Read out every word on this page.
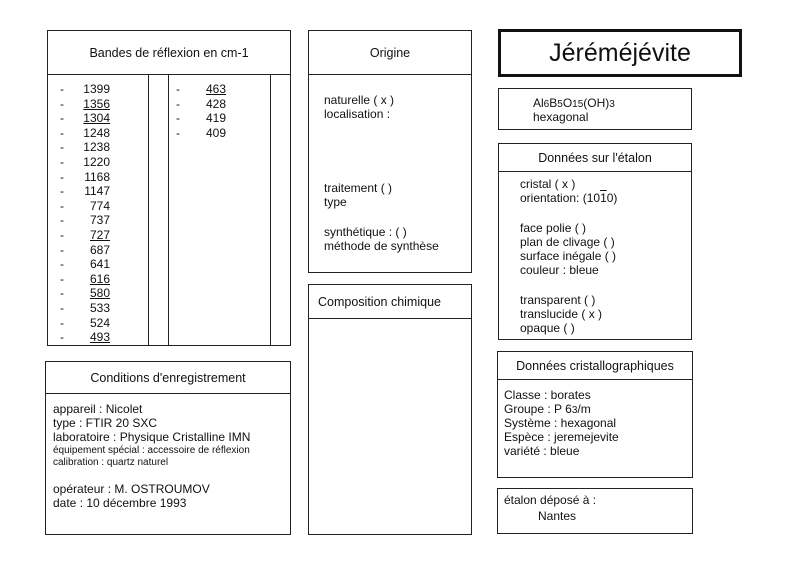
Bandes de réflexion en cm-1
- 1399
- 1356
- 1304
- 1248
- 1238
- 1220
- 1168
- 1147
- 774
- 737
- 727
- 687
- 641
- 616
- 580
- 533
- 524
- 493
- 463
- 428
- 419
- 409
Origine
naturelle ( x )
localisation :
traitement ( )
type
synthétique : ( )
méthode de synthèse
Composition chimique
Jéréméjévite
Al6B5O15(OH)3
hexagonal
Données sur l'étalon
cristal ( x )
orientation: (1010)
face polie ( )
plan de clivage ( )
surface inégale ( )
couleur : bleue
transparent ( )
translucide ( x )
opaque ( )
Conditions d'enregistrement
appareil : Nicolet
type : FTIR 20 SXC
laboratoire : Physique Cristalline IMN
équipement spécial : accessoire de réflexion
calibration : quartz naturel
opérateur : M. OSTROUMOV
date : 10 décembre 1993
Données cristallographiques
Classe : borates
Groupe : P 63/m
Système : hexagonal
Espèce : jeremejevite
variété : bleue
étalon déposé à :
Nantes
